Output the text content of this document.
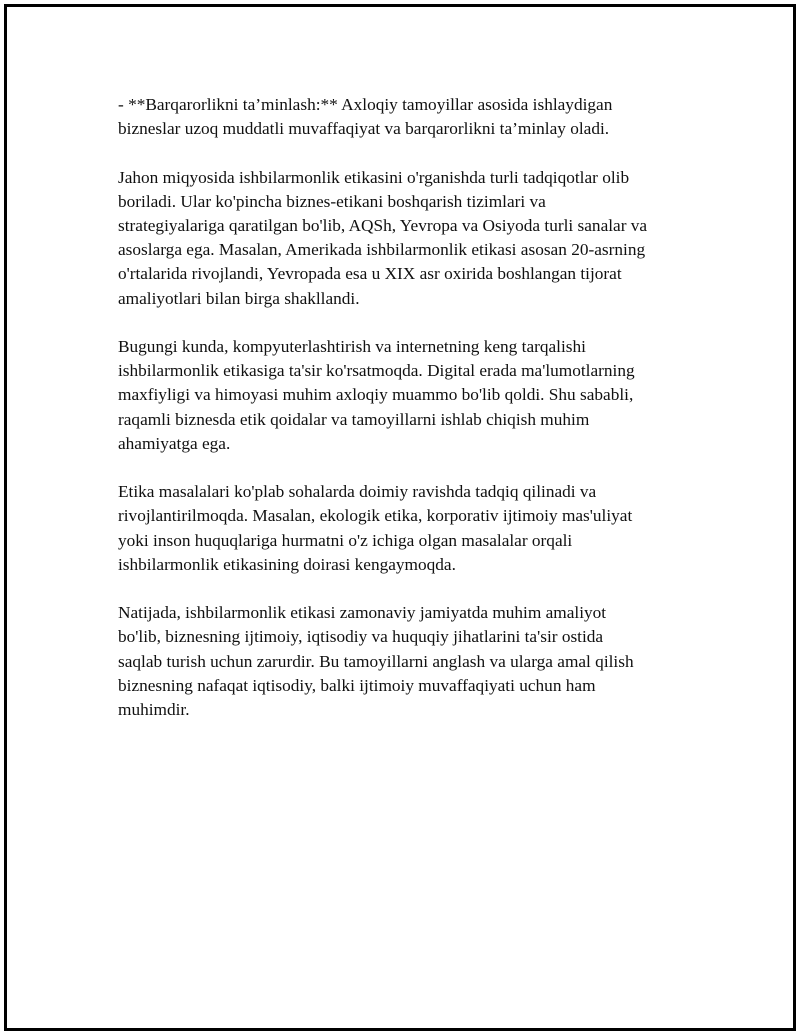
- **Barqarorlikni ta’minlash:** Axloqiy tamoyillar asosida ishlaydigan
bizneslar uzoq muddatli muvaffaqiyat va barqarorlikni ta’minlay oladi.

Jahon miqyosida ishbilarmonlik etikasini o'rganishda turli tadqiqotlar olib
boriladi. Ular ko'pincha biznes-etikani boshqarish tizimlari va
strategiyalariga qaratilgan bo'lib, AQSh, Yevropa va Osiyoda turli sanalar va
asoslarga ega. Masalan, Amerikada ishbilarmonlik etikasi asosan 20-asrning
o'rtalarida rivojlandi, Yevropada esa u XIX asr oxirida boshlangan tijorat
amaliyotlari bilan birga shakllandi.

Bugungi kunda, kompyuterlashtirish va internetning keng tarqalishi
ishbilarmonlik etikasiga ta'sir ko'rsatmoqda. Digital erada ma'lumotlarning
maxfiyligi va himoyasi muhim axloqiy muammo bo'lib qoldi. Shu sababli,
raqamli biznesda etik qoidalar va tamoyillarni ishlab chiqish muhim
ahamiyatga ega.

Etika masalalari ko'plab sohalarda doimiy ravishda tadqiq qilinadi va
rivojlantirilmoqda. Masalan, ekologik etika, korporativ ijtimoiy mas'uliyat
yoki inson huquqlariga hurmatni o'z ichiga olgan masalalar orqali
ishbilarmonlik etikasining doirasi kengaymoqda.

Natijada, ishbilarmonlik etikasi zamonaviy jamiyatda muhim amaliyot
bo'lib, biznesning ijtimoiy, iqtisodiy va huquqiy jihatlarini ta'sir ostida
saqlab turish uchun zarurdir. Bu tamoyillarni anglash va ularga amal qilish
biznesning nafaqat iqtisodiy, balki ijtimoiy muvaffaqiyati uchun ham
muhimdir.
